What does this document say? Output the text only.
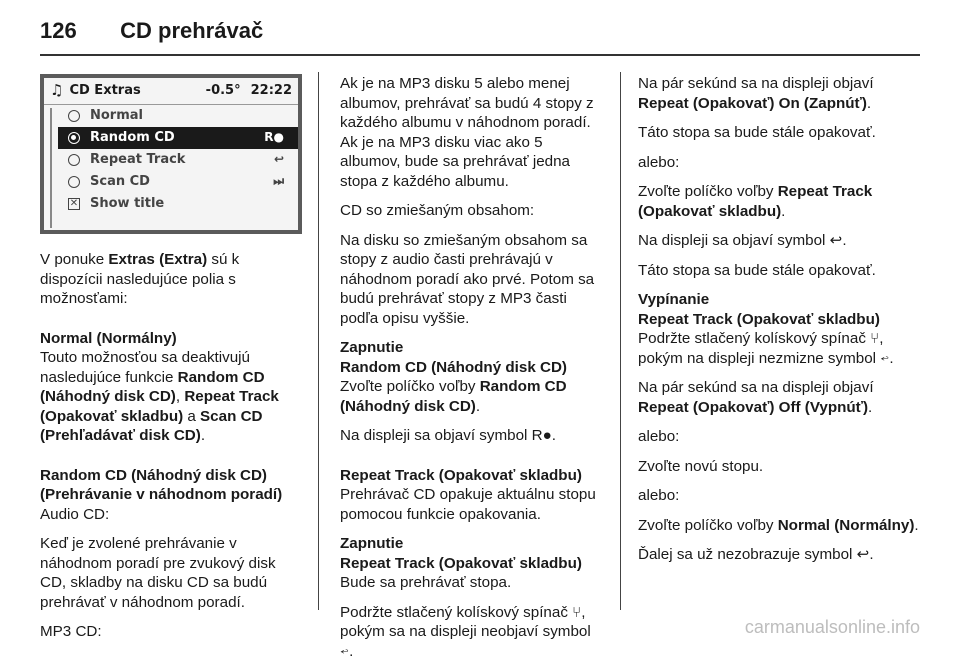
126 CD prehrávač
♫ CD Extras	-0.5° 22:22
Normal
Random CD	R●
Repeat Track	↩
Scan CD	⏭
✕ Show title

V ponuke Extras (Extra) sú k dispozícii nasledujúce polia s možnosťami:

Normal (Normálny)

Touto možnosťou sa deaktivujú nasledujúce funkcie Random CD (Náhodný disk CD), Repeat Track (Opakovať skladbu) a Scan CD (Prehľadávať disk CD).

Random CD (Náhodný disk CD) (Prehrávanie v náhodnom poradí)

Audio CD:

Keď je zvolené prehrávanie v náhodnom poradí pre zvukový disk CD, skladby na disku CD sa budú prehrávať v náhodnom poradí.

MP3 CD:

Ak je na MP3 disku 5 alebo menej albumov, prehrávať sa budú 4 stopy z každého albumu v náhodnom poradí. Ak je na MP3 disku viac ako 5 albumov, bude sa prehrávať jedna stopa z každého albumu.

CD so zmiešaným obsahom:

Na disku so zmiešaným obsahom sa stopy z audio časti prehrávajú v náhodnom poradí ako prvé. Potom sa budú prehrávať stopy z MP3 časti podľa opisu vyššie.

Zapnutie

Random CD (Náhodný disk CD)

Zvoľte políčko voľby Random CD (Náhodný disk CD).

Na displeji sa objaví symbol R●.

Repeat Track (Opakovať skladbu)

Prehrávač CD opakuje aktuálnu stopu pomocou funkcie opakovania.

Zapnutie

Repeat Track (Opakovať skladbu)

Bude sa prehrávať stopa.

Podržte stlačený kolískový spínač ⑂, pokým sa na displeji neobjaví symbol ↩.

Na pár sekúnd sa na displeji objaví Repeat (Opakovať) On (Zapnúť).

Táto stopa sa bude stále opakovať.

alebo:

Zvoľte políčko voľby Repeat Track (Opakovať skladbu).

Na displeji sa objaví symbol ↩.

Táto stopa sa bude stále opakovať.

Vypínanie

Repeat Track (Opakovať skladbu)

Podržte stlačený kolískový spínač ⑂, pokým na displeji nezmizne symbol ↩.

Na pár sekúnd sa na displeji objaví Repeat (Opakovať) Off (Vypnúť).

alebo:

Zvoľte novú stopu.

alebo:

Zvoľte políčko voľby Normal (Normálny).

Ďalej sa už nezobrazuje symbol ↩.

carmanualsonline.info
